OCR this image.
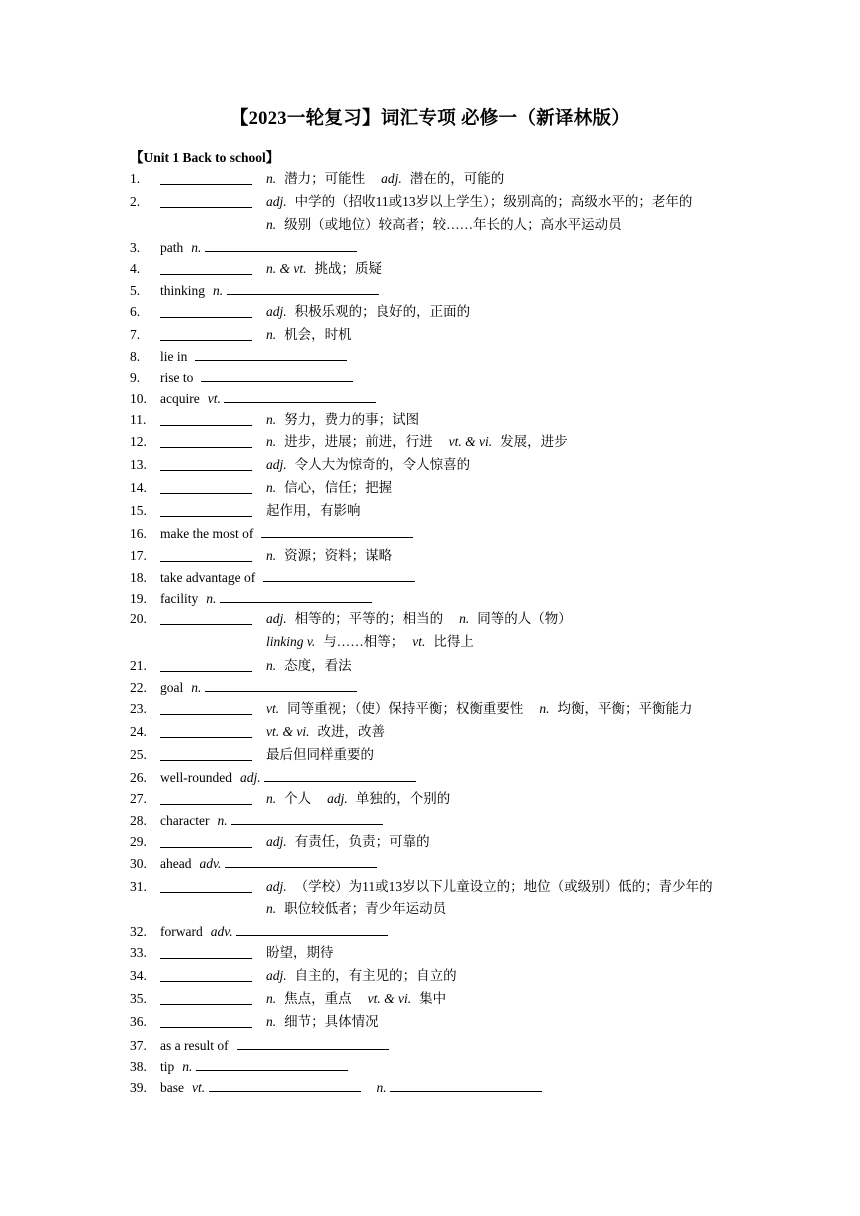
【2023一轮复习】词汇专项 必修一（新译林版）
【Unit 1 Back to school】
1.	n. 潜力；可能性 adj. 潜在的，可能的
2.	adj. 中学的（招收11或13岁以上学生）；级别高的；高级水平的；老年的
n. 级别（或地位）较高者；较……年长的人；高水平运动员
3. path n.
4.	n. & vt. 挑战；质疑
5. thinking n.
6.	adj. 积极乐观的；良好的，正面的
7.	n. 机会，时机
8. lie in
9. rise to
10. acquire vt.
11.	n. 努力，费力的事；试图
12.	n. 进步，进展；前进，行进 vt. & vi. 发展，进步
13.	adj. 令人大为惊奇的，令人惊喜的
14.	n. 信心，信任；把握
15.	起作用，有影响
16. make the most of
17.	n. 资源；资料；谋略
18. take advantage of
19. facility n.
20.	adj. 相等的；平等的；相当的 n. 同等的人（物）
linking v. 与……相等； vt. 比得上
21.	n. 态度，看法
22. goal n.
23.	vt. 同等重视；（使）保持平衡；权衡重要性 n. 均衡，平衡；平衡能力
24.	vt. & vi. 改进，改善
25.	最后但同样重要的
26. well-rounded adj.
27.	n. 个人 adj. 单独的，个别的
28. character n.
29.	adj. 有责任，负责；可靠的
30. ahead adv.
31.	adj. （学校）为11或13岁以下儿童设立的；地位（或级别）低的；青少年的
n. 职位较低者；青少年运动员
32. forward adv.
33.	盼望，期待
34.	adj. 自主的，有主见的；自立的
35.	n. 焦点，重点 vt. & vi. 集中
36.	n. 细节；具体情况
37. as a result of
38. tip n.
39. base vt.	n.
